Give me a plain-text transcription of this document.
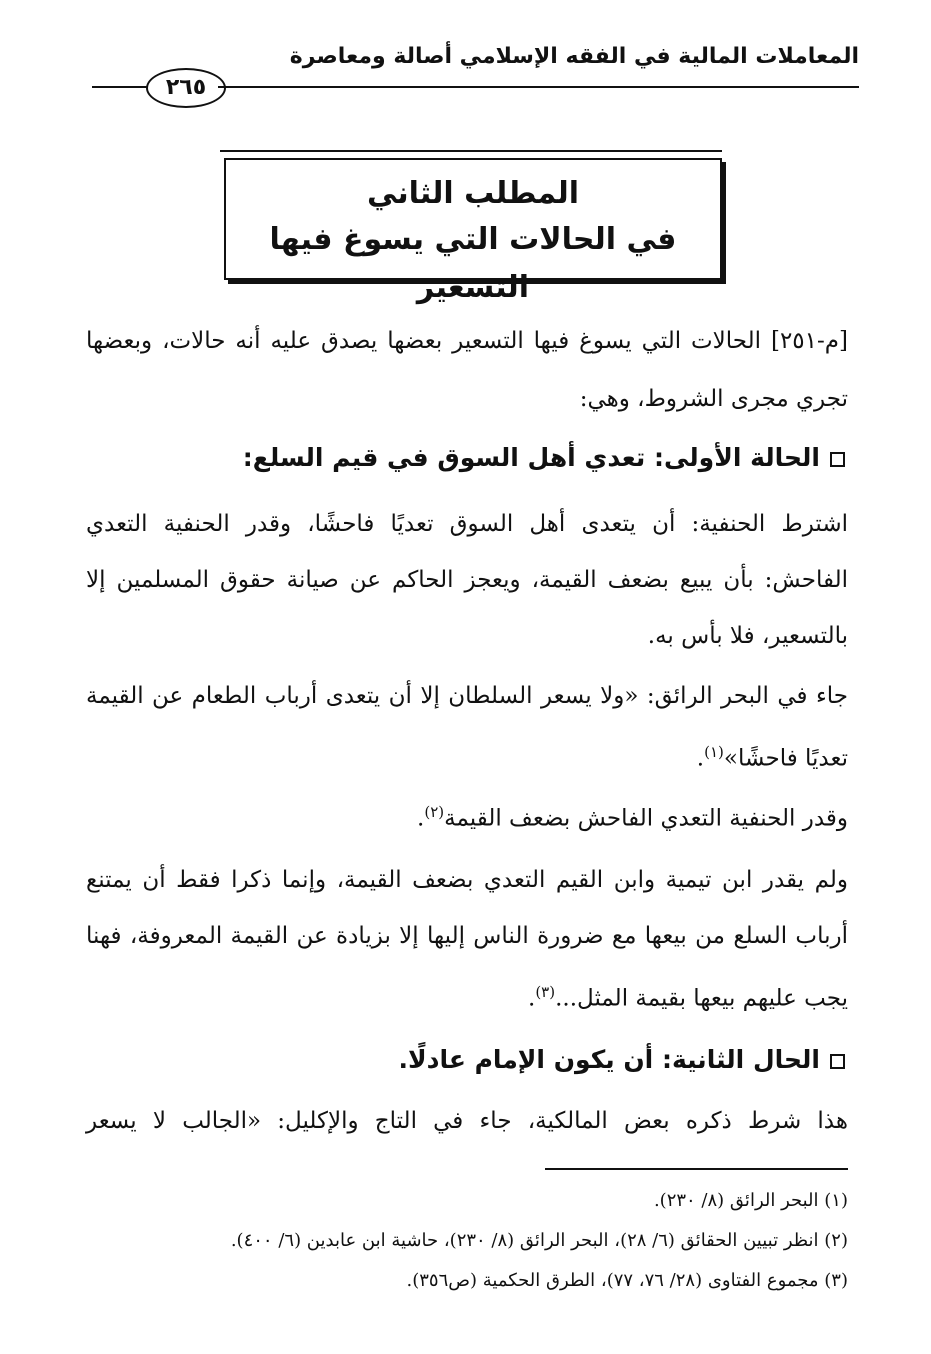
المعاملات المالية في الفقه الإسلامي أصالة ومعاصرة
٢٦٥
المطلب الثاني
في الحالات التي يسوغ فيها التسعير
[م-٢٥١] الحالات التي يسوغ فيها التسعير بعضها يصدق عليه أنه حالات، وبعضها تجري مجرى الشروط، وهي:
الحالة الأولى: تعدي أهل السوق في قيم السلع:
اشترط الحنفية: أن يتعدى أهل السوق تعديًا فاحشًا، وقدر الحنفية التعدي الفاحش: بأن يبيع بضعف القيمة، ويعجز الحاكم عن صيانة حقوق المسلمين إلا بالتسعير، فلا بأس به.
جاء في البحر الرائق: «ولا يسعر السلطان إلا أن يتعدى أرباب الطعام عن القيمة تعديًا فاحشًا»$^{(١)}$.
وقدر الحنفية التعدي الفاحش بضعف القيمة$^{(٢)}$.
ولم يقدر ابن تيمية وابن القيم التعدي بضعف القيمة، وإنما ذكرا فقط أن يمتنع أرباب السلع من بيعها مع ضرورة الناس إليها إلا بزيادة عن القيمة المعروفة، فهنا يجب عليهم بيعها بقيمة المثل...$^{(٣)}$.
الحال الثانية: أن يكون الإمام عادلًا.
هذا شرط ذكره بعض المالكية، جاء في التاج والإكليل: «الجالب لا يسعر
(١) البحر الرائق (٨/ ٢٣٠).
(٢) انظر تبيين الحقائق (٦/ ٢٨)، البحر الرائق (٨/ ٢٣٠)، حاشية ابن عابدين (٦/ ٤٠٠).
(٣) مجموع الفتاوى (٢٨/ ٧٦، ٧٧)، الطرق الحكمية (ص٣٥٦).
